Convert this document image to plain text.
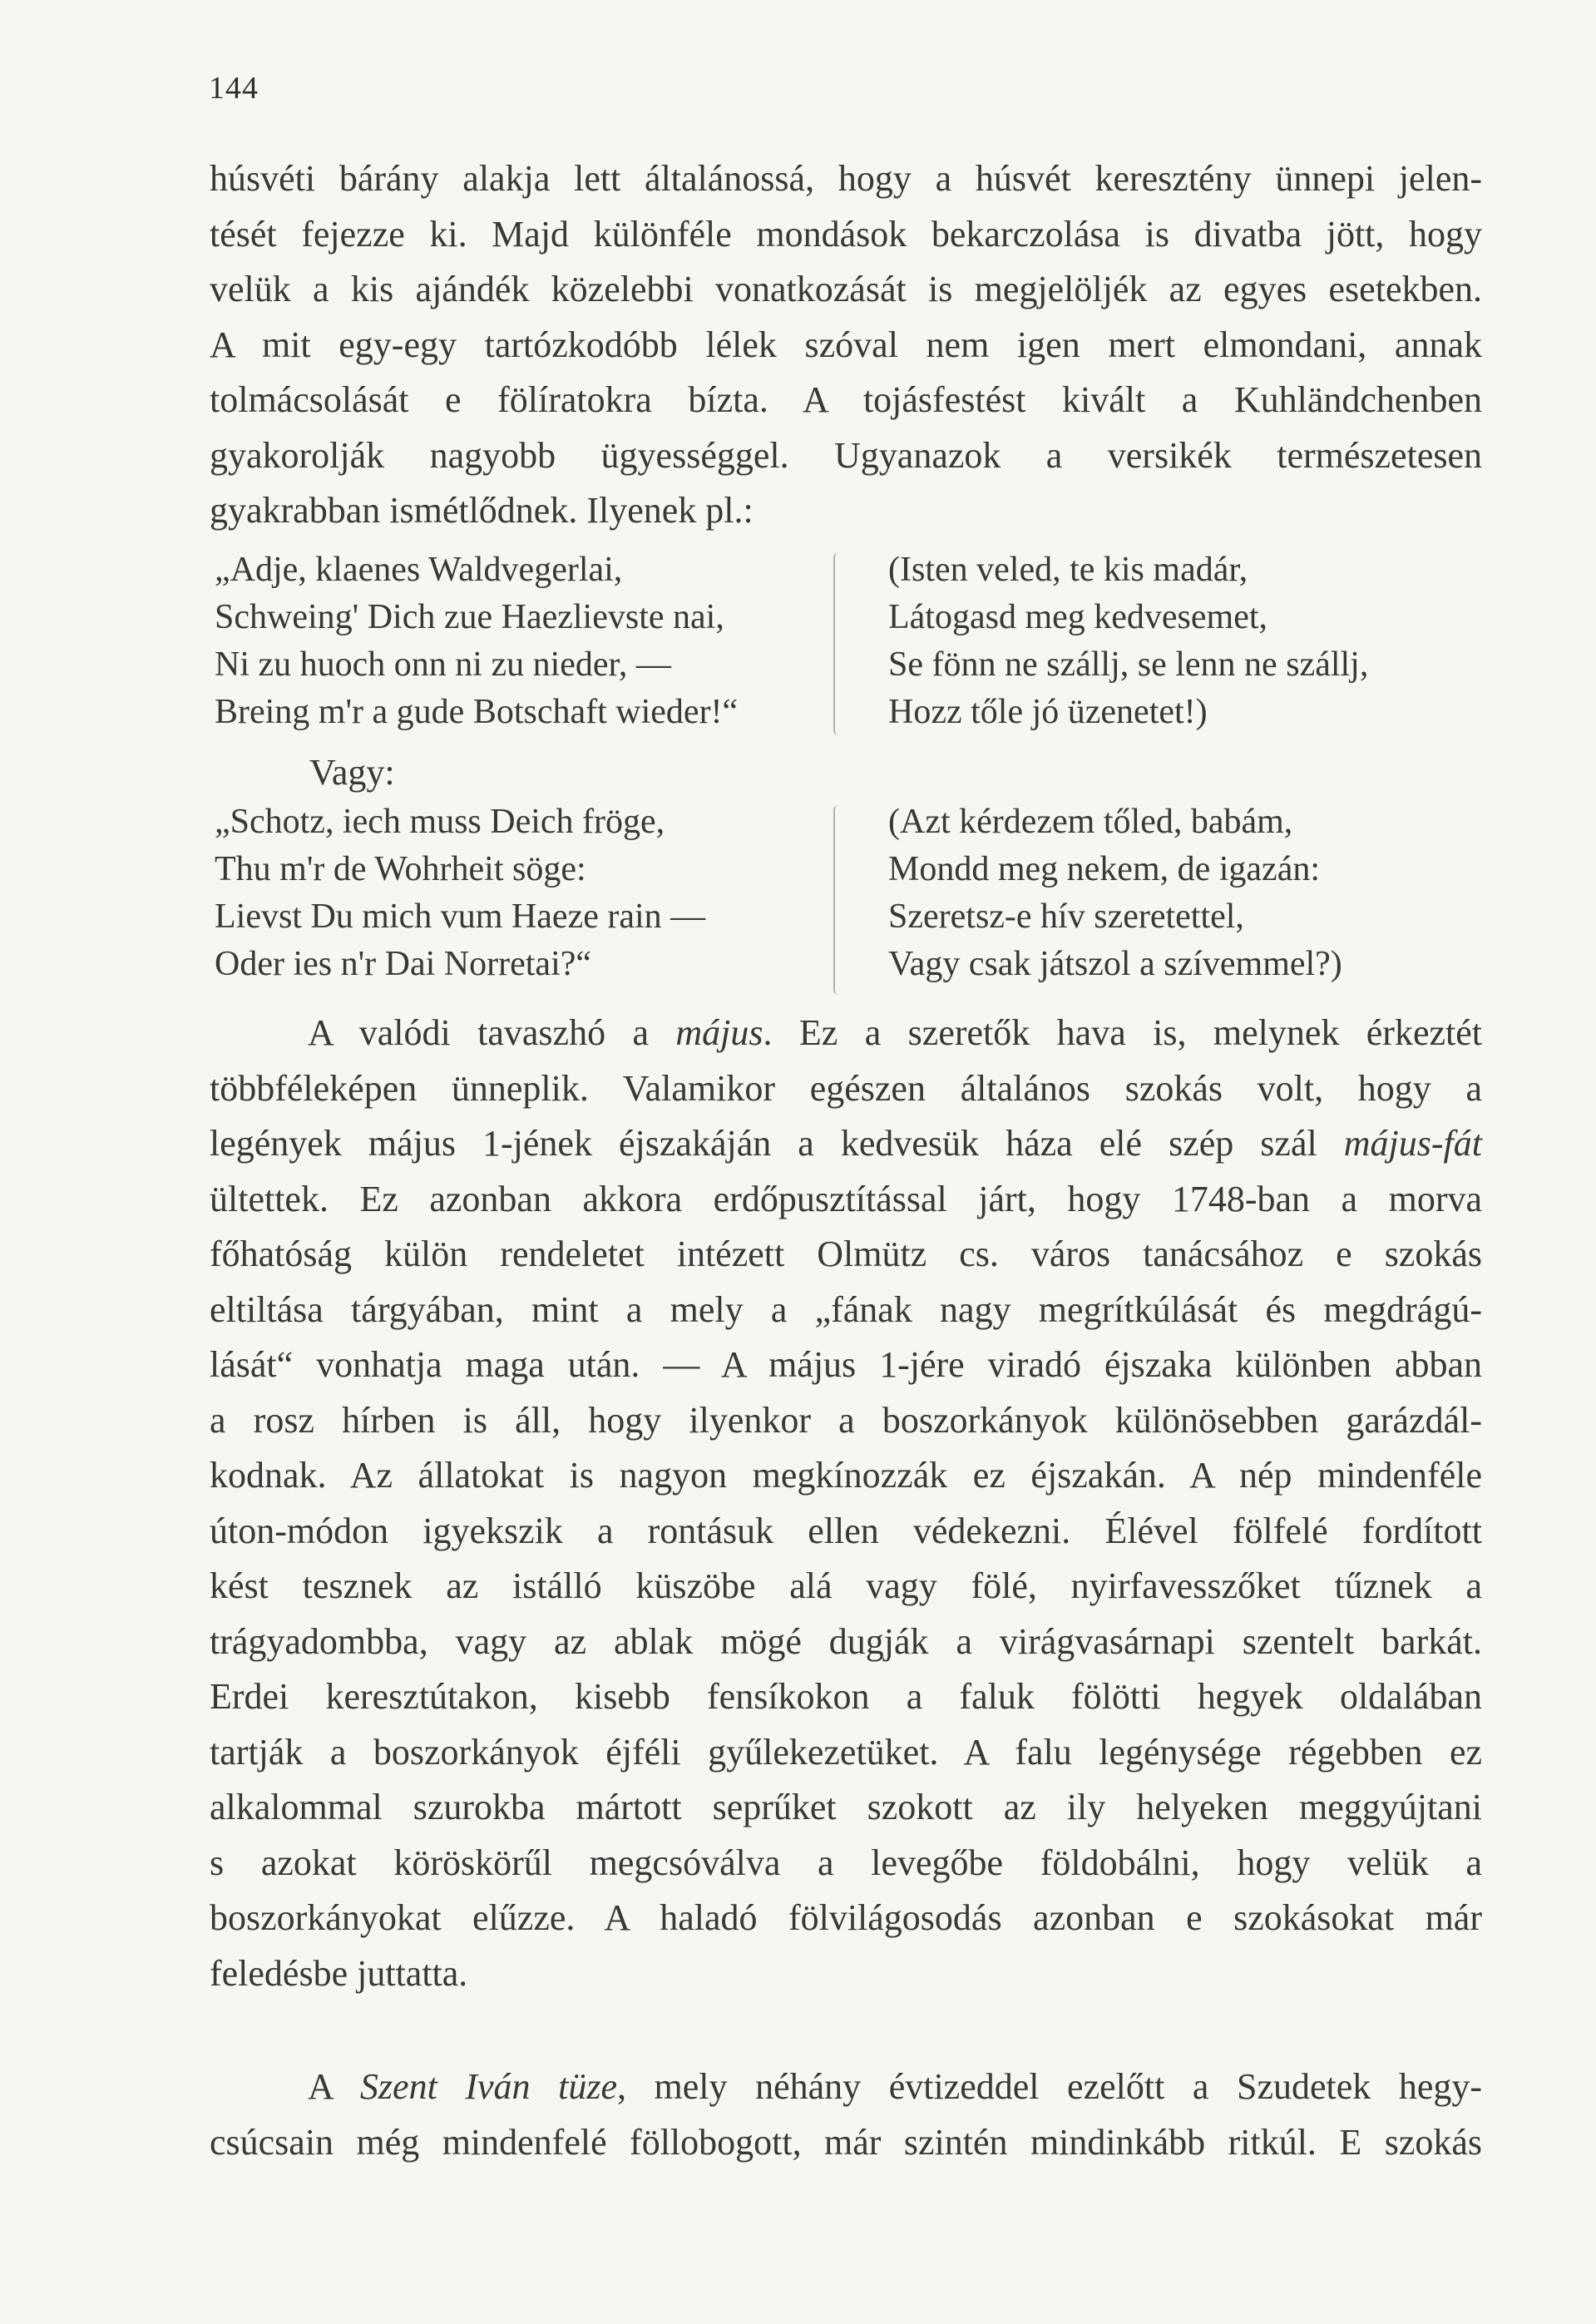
144
húsvéti bárány alakja lett általánossá, hogy a húsvét keresztény ünnepi jelen-
tését fejezze ki. Majd különféle mondások bekarczolása is divatba jött, hogy
velük a kis ajándék közelebbi vonatkozását is megjelöljék az egyes esetekben.
A mit egy-egy tartózkodóbb lélek szóval nem igen mert elmondani, annak
tolmácsolását e fölíratokra bízta. A tojásfestést kivált a Kuhländchenben
gyakorolják nagyobb ügyességgel. Ugyanazok a versikék természetesen
gyakrabban ismétlődnek. Ilyenek pl.:
„Adje, klaenes Waldvegerlai,
Schweing' Dich zue Haezlievste nai,
Ni zu huoch onn ni zu nieder, —
Breing m'r a gude Botschaft wieder!“
(Isten veled, te kis madár,
Látogasd meg kedvesemet,
Se fönn ne szállj, se lenn ne szállj,
Hozz tőle jó üzenetet!)
Vagy:
„Schotz, iech muss Deich fröge,
Thu m'r de Wohrheit söge:
Lievst Du mich vum Haeze rain —
Oder ies n'r Dai Norretai?“
(Azt kérdezem tőled, babám,
Mondd meg nekem, de igazán:
Szeretsz-e hív szeretettel,
Vagy csak játszol a szívemmel?)
A valódi tavaszhó a május. Ez a szeretők hava is, melynek érkeztét
többféleképen ünneplik. Valamikor egészen általános szokás volt, hogy a
legények május 1-jének éjszakáján a kedvesük háza elé szép szál május-fát
ültettek. Ez azonban akkora erdőpusztítással járt, hogy 1748-ban a morva
főhatóság külön rendeletet intézett Olmütz cs. város tanácsához e szokás
eltiltása tárgyában, mint a mely a „fának nagy megrítkúlását és megdrágú-
lását“ vonhatja maga után. — A május 1-jére viradó éjszaka különben abban
a rosz hírben is áll, hogy ilyenkor a boszorkányok különösebben garázdál-
kodnak. Az állatokat is nagyon megkínozzák ez éjszakán. A nép mindenféle
úton-módon igyekszik a rontásuk ellen védekezni. Élével fölfelé fordított
kést tesznek az istálló küszöbe alá vagy fölé, nyirfavesszőket tűznek a
trágyadombba, vagy az ablak mögé dugják a virágvasárnapi szentelt barkát.
Erdei keresztútakon, kisebb fensíkokon a faluk fölötti hegyek oldalában
tartják a boszorkányok éjféli gyűlekezetüket. A falu legénysége régebben ez
alkalommal szurokba mártott seprűket szokott az ily helyeken meggyújtani
s azokat köröskörűl megcsóválva a levegőbe földobálni, hogy velük a
boszorkányokat elűzze. A haladó fölvilágosodás azonban e szokásokat már
feledésbe juttatta.
A Szent Iván tüze, mely néhány évtizeddel ezelőtt a Szudetek hegy-
csúcsain még mindenfelé föllobogott, már szintén mindinkább ritkúl. E szokás
